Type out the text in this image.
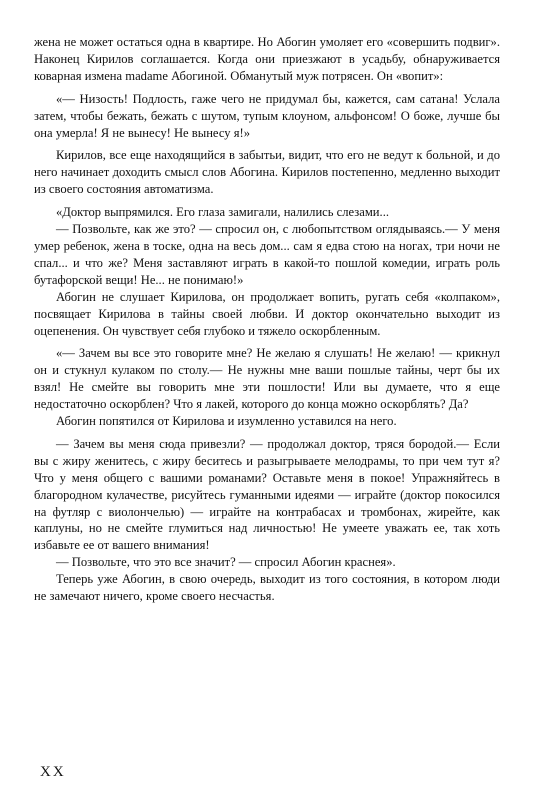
жена не может остаться одна в квартире. Но Абогин умоляет его «совершить подвиг». Наконец Кирилов соглашается. Когда они приезжают в усадьбу, обнаруживается коварная измена madame Абогиной. Обманутый муж потрясен. Он «вопит»:

«— Низость! Подлость, гаже чего не придумал бы, кажется, сам сатана! Услала затем, чтобы бежать, бежать с шутом, тупым клоуном, альфонсом! О боже, лучше бы она умерла! Я не вынесу! Не вынесу я!»

Кирилов, все еще находящийся в забытьи, видит, что его не ведут к больной, и до него начинает доходить смысл слов Абогина. Кирилов постепенно, медленно выходит из своего состояния автоматизма.

«Доктор выпрямился. Его глаза замигали, налились слезами...

— Позвольте, как же это? — спросил он, с любопытством оглядываясь.— У меня умер ребенок, жена в тоске, одна на весь дом... сам я едва стою на ногах, три ночи не спал... и что же? Меня заставляют играть в какой-то пошлой комедии, играть роль бутафорской вещи! Не... не понимаю!»

Абогин не слушает Кирилова, он продолжает вопить, ругать себя «колпаком», посвящает Кирилова в тайны своей любви. И доктор окончательно выходит из оцепенения. Он чувствует себя глубоко и тяжело оскорбленным.

«— Зачем вы все это говорите мне? Не желаю я слушать! Не желаю! — крикнул он и стукнул кулаком по столу.— Не нужны мне ваши пошлые тайны, черт бы их взял! Не смейте вы говорить мне эти пошлости! Или вы думаете, что я еще недостаточно оскорблен? Что я лакей, которого до конца можно оскорблять? Да?

Абогин попятился от Кирилова и изумленно уставился на него.

— Зачем вы меня сюда привезли? — продолжал доктор, тряся бородой.— Если вы с жиру женитесь, с жиру беситесь и разыгрываете мелодрамы, то при чем тут я? Что у меня общего с вашими романами? Оставьте меня в покое! Упражняйтесь в благородном кулачестве, рисуйтесь гуманными идеями — играйте (доктор покосился на футляр с виолончелью) — играйте на контрабасах и тромбонах, жирейте, как каплуны, но не смейте глумиться над личностью! Не умеете уважать ее, так хоть избавьте ее от вашего внимания!

— Позвольте, что это все значит? — спросил Абогин краснея».

Теперь уже Абогин, в свою очередь, выходит из того состояния, в котором люди не замечают ничего, кроме своего несчастья.

XX
